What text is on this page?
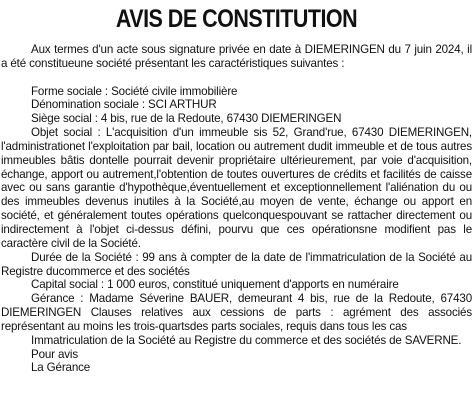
AVIS DE CONSTITUTION

Aux termes d'un acte sous signature privée en date à DIEMERINGEN du 7 juin 2024, il a été constitueune société présentant les caractéristiques suivantes :

Forme sociale : Société civile immobilière

Dénomination sociale : SCI ARTHUR

Siège social : 4 bis, rue de la Redoute, 67430 DIEMERINGEN

Objet social : L'acquisition d'un immeuble sis 52, Grand'rue, 67430 DIEMERINGEN, l'administrationet l'exploitation par bail, location ou autrement dudit immeuble et de tous autres immeubles bâtis dontelle pourrait devenir propriétaire ultérieurement, par voie d'acquisition, échange, apport ou autrement,l'obtention de toutes ouvertures de crédits et facilités de caisse avec ou sans garantie d'hypothèque,éventuellement et exceptionnellement l'aliénation du ou des immeubles devenus inutiles à la Société,au moyen de vente, échange ou apport en société, et généralement toutes opérations quelconquespouvant se rattacher directement ou indirectement à l'objet ci-dessus défini, pourvu que ces opérationsne modifient pas le caractère civil de la Société.

Durée de la Société : 99 ans à compter de la date de l'immatriculation de la Société au Registre ducommerce et des sociétés

Capital social : 1 000 euros, constitué uniquement d'apports en numéraire

Gérance : Madame Séverine BAUER, demeurant 4 bis, rue de la Redoute, 67430 DIEMERINGEN Clauses relatives aux cessions de parts : agrément des associés représentant au moins les trois-quartsdes parts sociales, requis dans tous les cas

Immatriculation de la Société au Registre du commerce et des sociétés de SAVERNE.

Pour avis

La Gérance
